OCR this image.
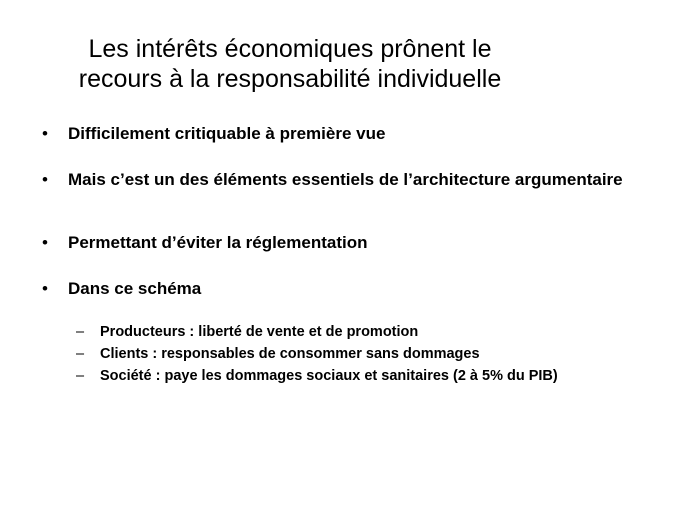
Les intérêts économiques prônent le
recours à la responsabilité individuelle
• Difficilement critiquable à première vue
• Mais c’est un des éléments essentiels de l’architecture argumentaire
• Permettant d’éviter la réglementation
• Dans ce schéma
– Producteurs : liberté de vente et de promotion
– Clients : responsables de consommer sans dommages
– Société : paye les dommages sociaux et sanitaires (2 à 5% du PIB)
